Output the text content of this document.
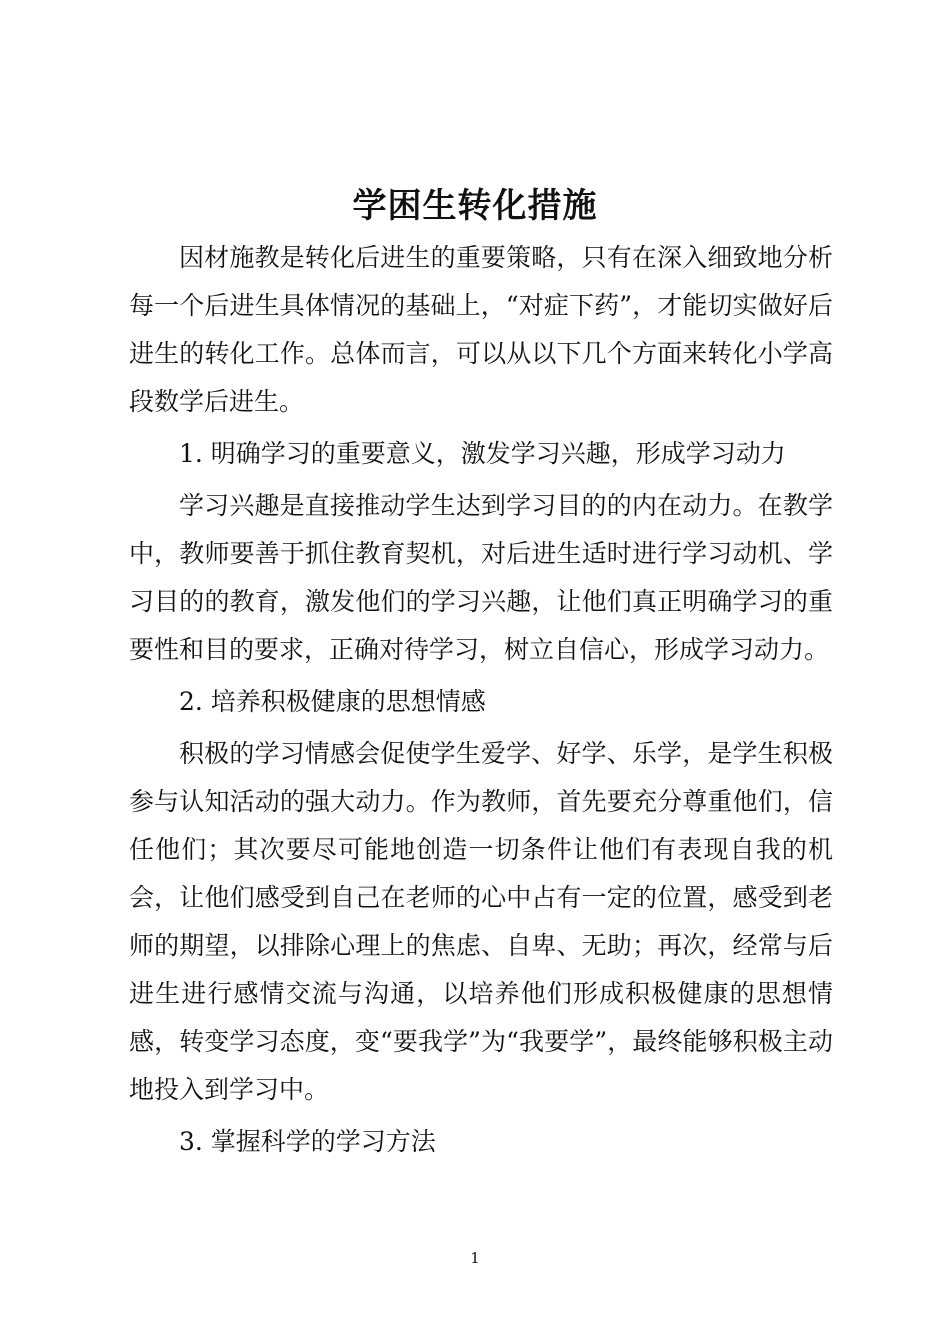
学困生转化措施

因材施教是转化后进生的重要策略，只有在深入细致地分析每一个后进生具体情况的基础上，“对症下药”，才能切实做好后进生的转化工作。总体而言，可以从以下几个方面来转化小学高段数学后进生。

1. 明确学习的重要意义，激发学习兴趣，形成学习动力

学习兴趣是直接推动学生达到学习目的的内在动力。在教学中，教师要善于抓住教育契机，对后进生适时进行学习动机、学习目的的教育，激发他们的学习兴趣，让他们真正明确学习的重要性和目的要求，正确对待学习，树立自信心，形成学习动力。

2. 培养积极健康的思想情感

积极的学习情感会促使学生爱学、好学、乐学，是学生积极参与认知活动的强大动力。作为教师，首先要充分尊重他们，信任他们；其次要尽可能地创造一切条件让他们有表现自我的机会，让他们感受到自己在老师的心中占有一定的位置，感受到老师的期望，以排除心理上的焦虑、自卑、无助；再次，经常与后进生进行感情交流与沟通，以培养他们形成积极健康的思想情感，转变学习态度，变“要我学”为“我要学”，最终能够积极主动地投入到学习中。

3. 掌握科学的学习方法

1
